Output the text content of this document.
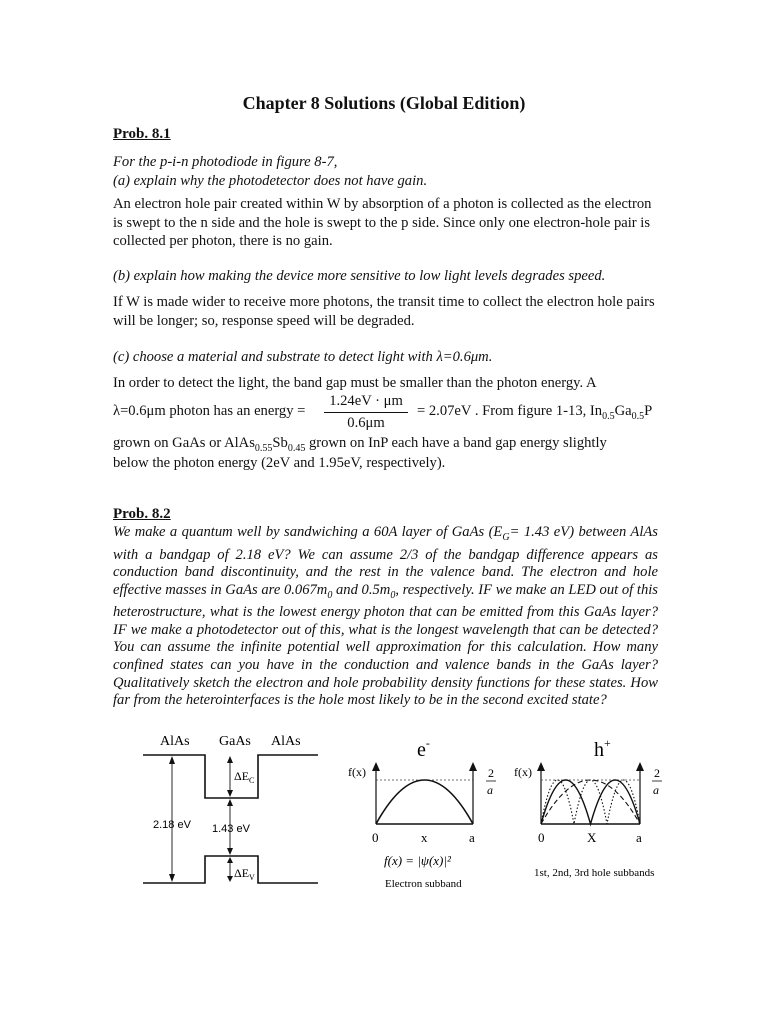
Chapter 8 Solutions (Global Edition)
Prob. 8.1
For the p-i-n photodiode in figure 8-7,
(a) explain why the photodetector does not have gain.
An electron hole pair created within W by absorption of a photon is collected as the electron is swept to the n side and the hole is swept to the p side. Since only one electron-hole pair is collected per photon, there is no gain.
(b) explain how making the device more sensitive to low light levels degrades speed.
If W is made wider to receive more photons, the transit time to collect the electron hole pairs will be longer; so, response speed will be degraded.
(c) choose a material and substrate to detect light with λ=0.6μm.
In order to detect the light, the band gap must be smaller than the photon energy. A
λ=0.6μm photon has an energy =
1.24eV · μm
0.6μm
= 2.07eV . From figure 1-13, $In_{0.5}Ga_{0.5}P$
grown on GaAs or $AlAs_{0.55}Sb_{0.45}$ grown on InP each have a band gap energy slightly
below the photon energy (2eV and 1.95eV, respectively).
Prob. 8.2
We make a quantum well by sandwiching a 60A layer of GaAs ($E_G= 1.43$ eV) between AlAs with a bandgap of 2.18 eV? We can assume 2/3 of the bandgap difference appears as conduction band discontinuity, and the rest in the valence band. The electron and hole effective masses in GaAs are $0.067m_0$ and $0.5m_0$, respectively. IF we make an LED out of this heterostructure, what is the lowest energy photon that can be emitted from this GaAs layer? IF we make a photodetector out of this, what is the longest wavelength that can be detected? You can assume the infinite potential well approximation for this calculation. How many confined states can you have in the conduction and valence bands in the GaAs layer? Qualitatively sketch the electron and hole probability density functions for these states. How far from the heterointerfaces is the hole most likely to be in the second excited state?
AlAs GaAs AlAs
2.18 eV 1.43 eV
$\Delta E_C$
$\Delta E_V$
e-
f(x)	2
a
0	x	a
f(x) = |ψ(x)|²
Electron subband
h+
f(x)	2
a
0	X	a
1st, 2nd, 3rd hole subbands
